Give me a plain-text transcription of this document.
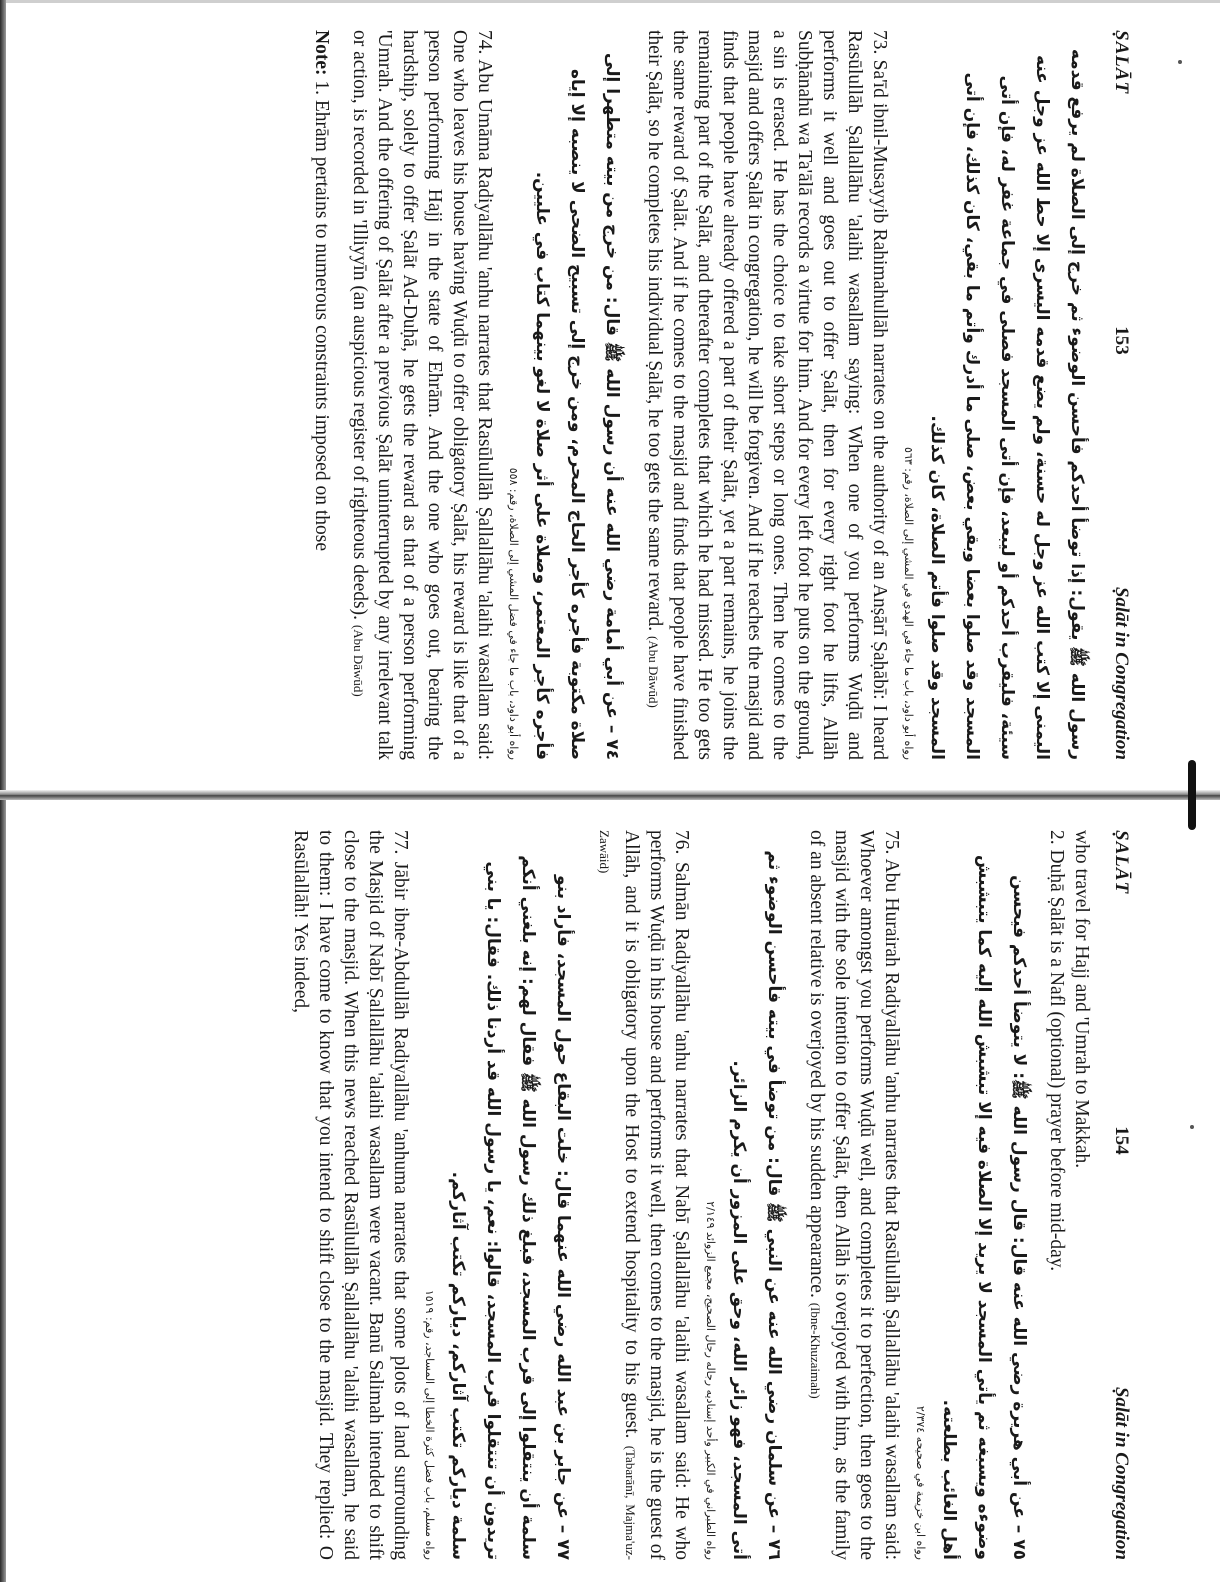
ṢALĀT
153
Ṣalāt in Congregation

رسول الله ﷺ يقول: إذا توضأ أحدكم فأحسن الوضوء ثم خرج إلى الصلاة لم يرفع قدمه اليمنى إلا كتب الله عز وجل له حسنة، ولم يضع قدمه اليسرى إلا حط الله عز وجل عنه سيئة، فليقرب أحدكم أو ليبعد، فإن أتى المسجد فصلى في جماعة غفر له، فإن أتى المسجد وقد صلوا بعضا وبقي بعض، صلى ما أدرك وأتم ما بقي، كان كذلك، فإن أتى المسجد وقد صلوا فأتم الصلاة، كان كذلك.

رواه أبو داود، باب ما جاء في الهدي في المشي إلى الصلاة، رقم: ٥٦٣

73. Sa'īd ibnil-Musayyib Rahimahullāh narrates on the authority of an Anṣārī Ṣaḥābī: I heard Rasūlullāh Ṣallallāhu 'alaihi wasallam saying: When one of you performs Wuḍū and performs it well and goes out to offer Ṣalāt, then for every right foot he lifts, Allāh Subḥānahū wa Ta'ālā records a virtue for him. And for every left foot he puts on the ground, a sin is erased. He has the choice to take short steps or long ones. Then he comes to the masjid and offers Ṣalāt in congregation, he will be forgiven. And if he reaches the masjid and finds that people have already offered a part of their Ṣalāt, yet a part remains, he joins the remaining part of the Ṣalāt, and thereafter completes that which he had missed. He too gets the same reward of Ṣalāt. And if he comes to the masjid and finds that people have finished their Ṣalāt, so he completes his individual Ṣalāt, he too gets the same reward. (Abu Dāwūd)

٧٤ – عن أبي أمامة رضي الله عنه أن رسول الله ﷺ قال: من خرج من بيته متطهرا إلى صلاة مكتوبة فأجره كأجر الحاج المحرم، ومن خرج إلى تسبيح الضحى لا ينصبه إلا إياه فأجره كأجر المعتمر، وصلاة على أثر صلاة لا لغو بينهما كتاب في عليين.

رواه أبو داود، باب ما جاء في فضل المشي إلى الصلاة، رقم: ٥٥٨

74. Abu Umāma Radiyallāhu 'anhu narrates that Rasūlullāh Ṣallallāhu 'alaihi wasallam said: One who leaves his house having Wuḍū to offer obligatory Ṣalāt, his reward is like that of a person performing Hajj in the state of Ehrām. And the one who goes out, bearing the hardship, solely to offer Ṣalāt Ad-Duḥā, he gets the reward as that of a person performing 'Umrah. And the offering of Ṣalāt after a previous Ṣalāt uninterrupted by any irrelevant talk or action, is recorded in 'Illiyyīn (an auspicious register of righteous deeds). (Abu Dāwūd)

Note: 1. Ehrām pertains to numerous constraints imposed on those

ṢALĀT
154
Ṣalāt in Congregation

who travel for Hajj and 'Umrah to Makkah.

2. Duḥā Ṣalāt is a Nafl (optional) prayer before mid-day.

٧٥ – عن أبي هريرة رضي الله عنه قال: قال رسول الله ﷺ: لا يتوضأ أحدكم فيحسن وضوءه ويسبغه ثم يأتي المسجد لا يريد إلا الصلاة فيه إلا تبشبش الله إليه كما يتبشبش أهل الغائب بطلعته.

رواه ابن خزيمة في صحيحه ٢/٣٧٤

75. Abu Hurairah Radiyallāhu 'anhu narrates that Rasūlullāh Ṣallallāhu 'alaihi wasallam said: Whoever amongst you performs Wuḍū well, and completes it to perfection, then goes to the masjid with the sole intention to offer Ṣalāt, then Allāh is overjoyed with him, as the family of an absent relative is overjoyed by his sudden appearance. (Ibne-Khuzaimah)

٧٦ – عن سلمان رضي الله عنه عن النبي ﷺ قال: من توضأ في بيته فأحسن الوضوء ثم أتى المسجد، فهو زائر الله، وحق على المزور أن يكرم الزائر.

رواه الطبراني في الكبير وأحد إسناديه رجاله رجال الصحيح، مجمع الزوائد ٢/١٤٩

76. Salmān Radiyallāhu 'anhu narrates that Nabī Ṣallallāhu 'alaihi wasallam said: He who performs Wuḍū in his house and performs it well, then comes to the masjid, he is the guest of Allāh, and it is obligatory upon the Host to extend hospitality to his guest. (Tabarānī, Majma'uz-Zawāid)

٧٧ – عن جابر بن عبد الله رضي الله عنهما قال: خلت البقاع حول المسجد، فأراد بنو سلمة أن ينتقلوا إلى قرب المسجد، فبلغ ذلك رسول الله ﷺ فقال لهم: إنه بلغني أنكم تريدون أن تنتقلوا قرب المسجد، قالوا: نعم، يا رسول الله قد أردنا ذلك. فقال: يا بني سلمة دياركم تكتب آثاركم، دياركم تكتب آثاركم.

رواه مسلم، باب فضل كثرة الخطا إلى المساجد، رقم: ١٥١٩

77. Jābir ibne-Abdullāh Radiyallāhu 'anhuma narrates that some plots of land surrounding the Masjid of Nabī Ṣallallāhu 'alaihi wasallam were vacant. Banū Salimah intended to shift close to the masjid. When this news reached Rasūlullāh Ṣallallāhu 'alaihi wasallam, he said to them: I have come to know that you intend to shift close to the masjid. They replied: O Rasūlallāh! Yes indeed,
